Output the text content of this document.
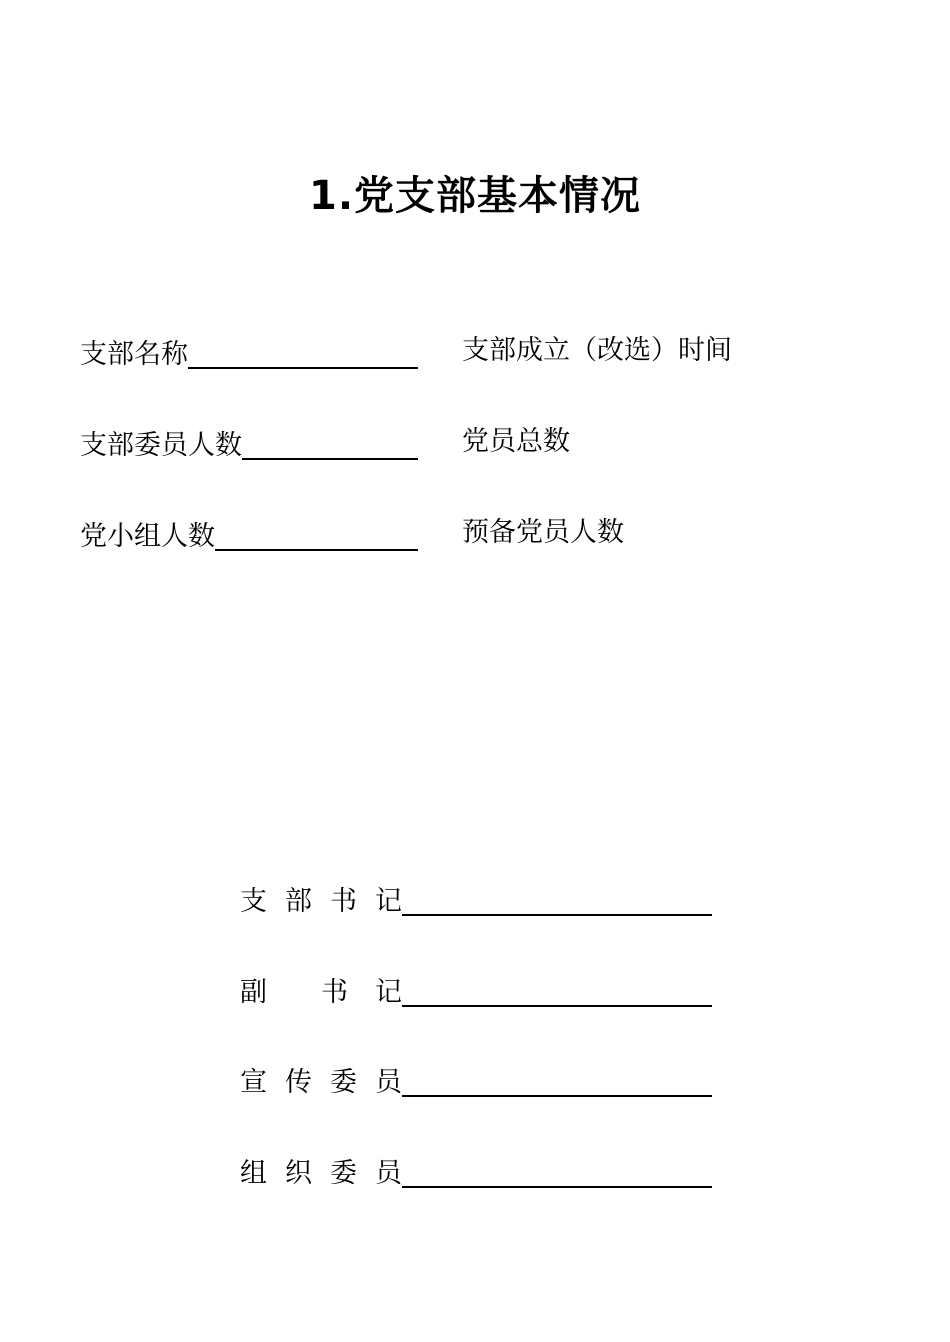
1.党支部基本情况
支部名称
支部委员人数
党小组人数
支部成立（改选）时间
党员总数
预备党员人数
支 部 书 记
副 书 记
宣 传 委 员
组 织 委 员
